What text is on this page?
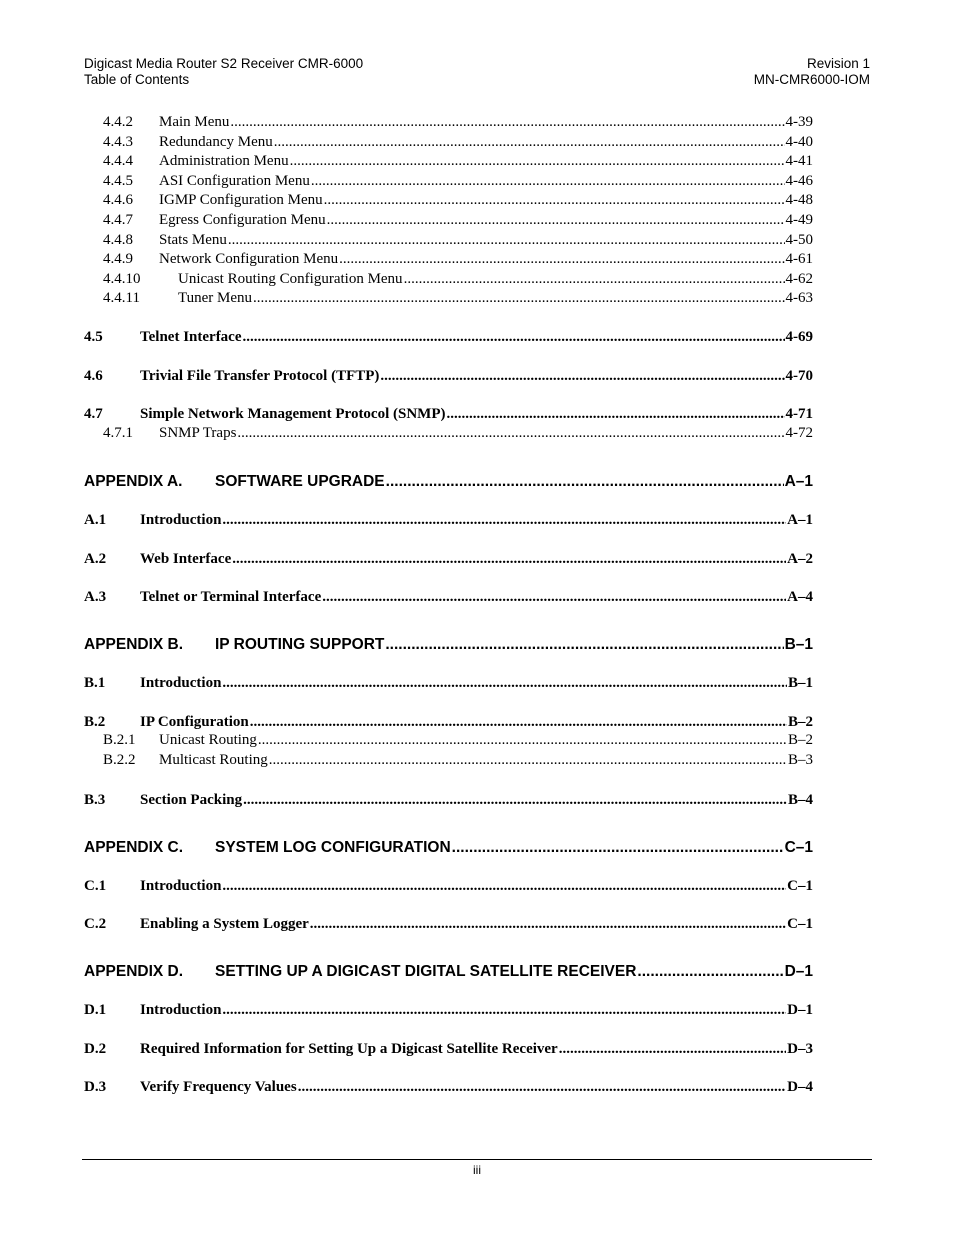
Digicast Media Router S2 Receiver CMR-6000
Table of Contents
Revision 1
MN-CMR6000-IOM
4.4.2	Main Menu .....	4-39
4.4.3	Redundancy Menu .....	4-40
4.4.4	Administration Menu .....	4-41
4.4.5	ASI Configuration Menu .....	4-46
4.4.6	IGMP Configuration Menu .....	4-48
4.4.7	Egress Configuration Menu .....	4-49
4.4.8	Stats Menu .....	4-50
4.4.9	Network Configuration Menu .....	4-61
4.4.10	Unicast Routing Configuration Menu .....	4-62
4.4.11	Tuner Menu .....	4-63
4.5	Telnet Interface .....	4-69
4.6	Trivial File Transfer Protocol (TFTP) .....	4-70
4.7	Simple Network Management Protocol (SNMP) .....	4-71
4.7.1	SNMP Traps .....	4-72
APPENDIX A.	SOFTWARE UPGRADE .....	A–1
A.1	Introduction .....	A–1
A.2	Web Interface .....	A–2
A.3	Telnet or Terminal Interface .....	A–4
APPENDIX B.	IP ROUTING SUPPORT .....	B–1
B.1	Introduction .....	B–1
B.2	IP Configuration .....	B–2
B.2.1	Unicast Routing .....	B–2
B.2.2	Multicast Routing .....	B–3
B.3	Section Packing .....	B–4
APPENDIX C.	SYSTEM LOG CONFIGURATION .....	C–1
C.1	Introduction .....	C–1
C.2	Enabling a System Logger .....	C–1
APPENDIX D.	SETTING UP A DIGICAST DIGITAL SATELLITE RECEIVER .....	D–1
D.1	Introduction .....	D–1
D.2	Required Information for Setting Up a Digicast Satellite Receiver .....	D–3
D.3	Verify Frequency Values .....	D–4
iii
